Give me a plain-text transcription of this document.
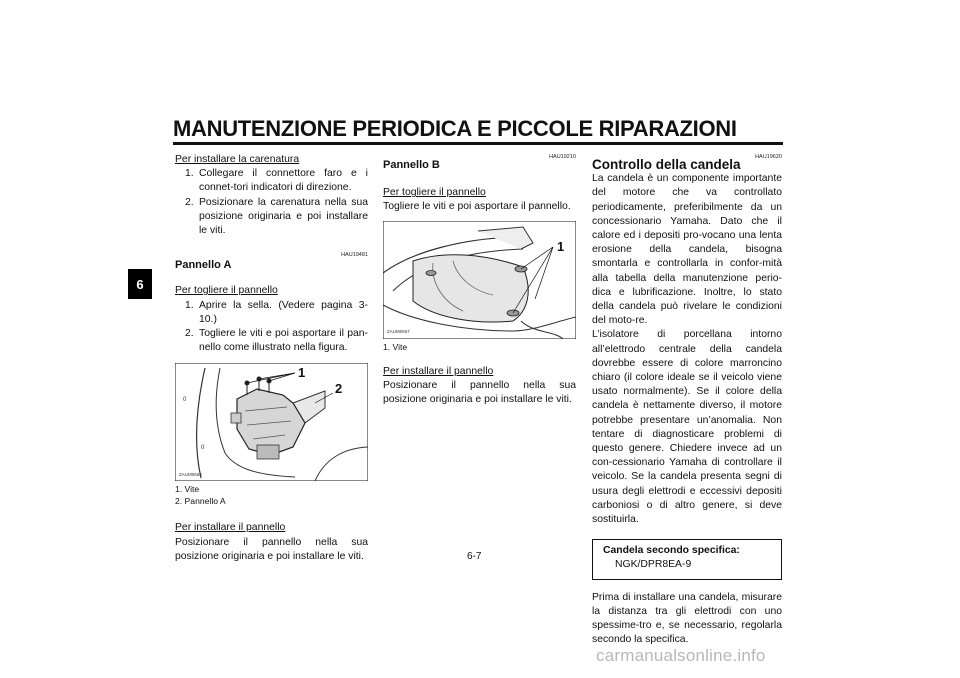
MANUTENZIONE PERIODICA E PICCOLE RIPARAZIONI
6

Per installare la carenatura

1. Collegare il connettore faro e i connet-tori indicatori di direzione.
2. Posizionare la carenatura nella sua posizione originaria e poi installare le viti.
HAU19481

Pannello A

Per togliere il pannello

1. Aprire la sella. (Vedere pagina 3-10.)
2. Togliere le viti e poi asportare il pan-nello come illustrato nella figura.
1
2
0
0
ZAUM0656

1. Vite

2. Pannello A

Per installare il pannello

Posizionare il pannello nella sua posizione originaria e poi installare le viti.

HAU19210

Pannello B

Per togliere il pannello

Togliere le viti e poi asportare il pannello.

1
ZAUM0657

1. Vite

Per installare il pannello

Posizionare il pannello nella sua posizione originaria e poi installare le viti.

HAU19620

Controllo della candela

La candela è un componente importante del motore che va controllato periodicamente, preferibilmente da un concessionario Yamaha. Dato che il calore ed i depositi pro-vocano una lenta erosione della candela, bisogna smontarla e controllarla in confor-mità alla tabella della manutenzione perio-dica e lubrificazione. Inoltre, lo stato della candela può rivelare le condizioni del moto-re.

L’isolatore di porcellana intorno all’elettrodo centrale della candela dovrebbe essere di colore marroncino chiaro (il colore ideale se il veicolo viene usato normalmente). Se il colore della candela è nettamente diverso, il motore potrebbe presentare un’anomalia. Non tentare di diagnosticare problemi di questo genere. Chiedere invece ad un con-cessionario Yamaha di controllare il veicolo. Se la candela presenta segni di usura degli elettrodi e eccessivi depositi carboniosi o di altro genere, si deve sostituirla.

Candela secondo specifica:
NGK/DPR8EA-9

Prima di installare una candela, misurare la distanza tra gli elettrodi con uno spessime-tro e, se necessario, regolarla secondo la specifica.

6-7
carmanualsonline.info
